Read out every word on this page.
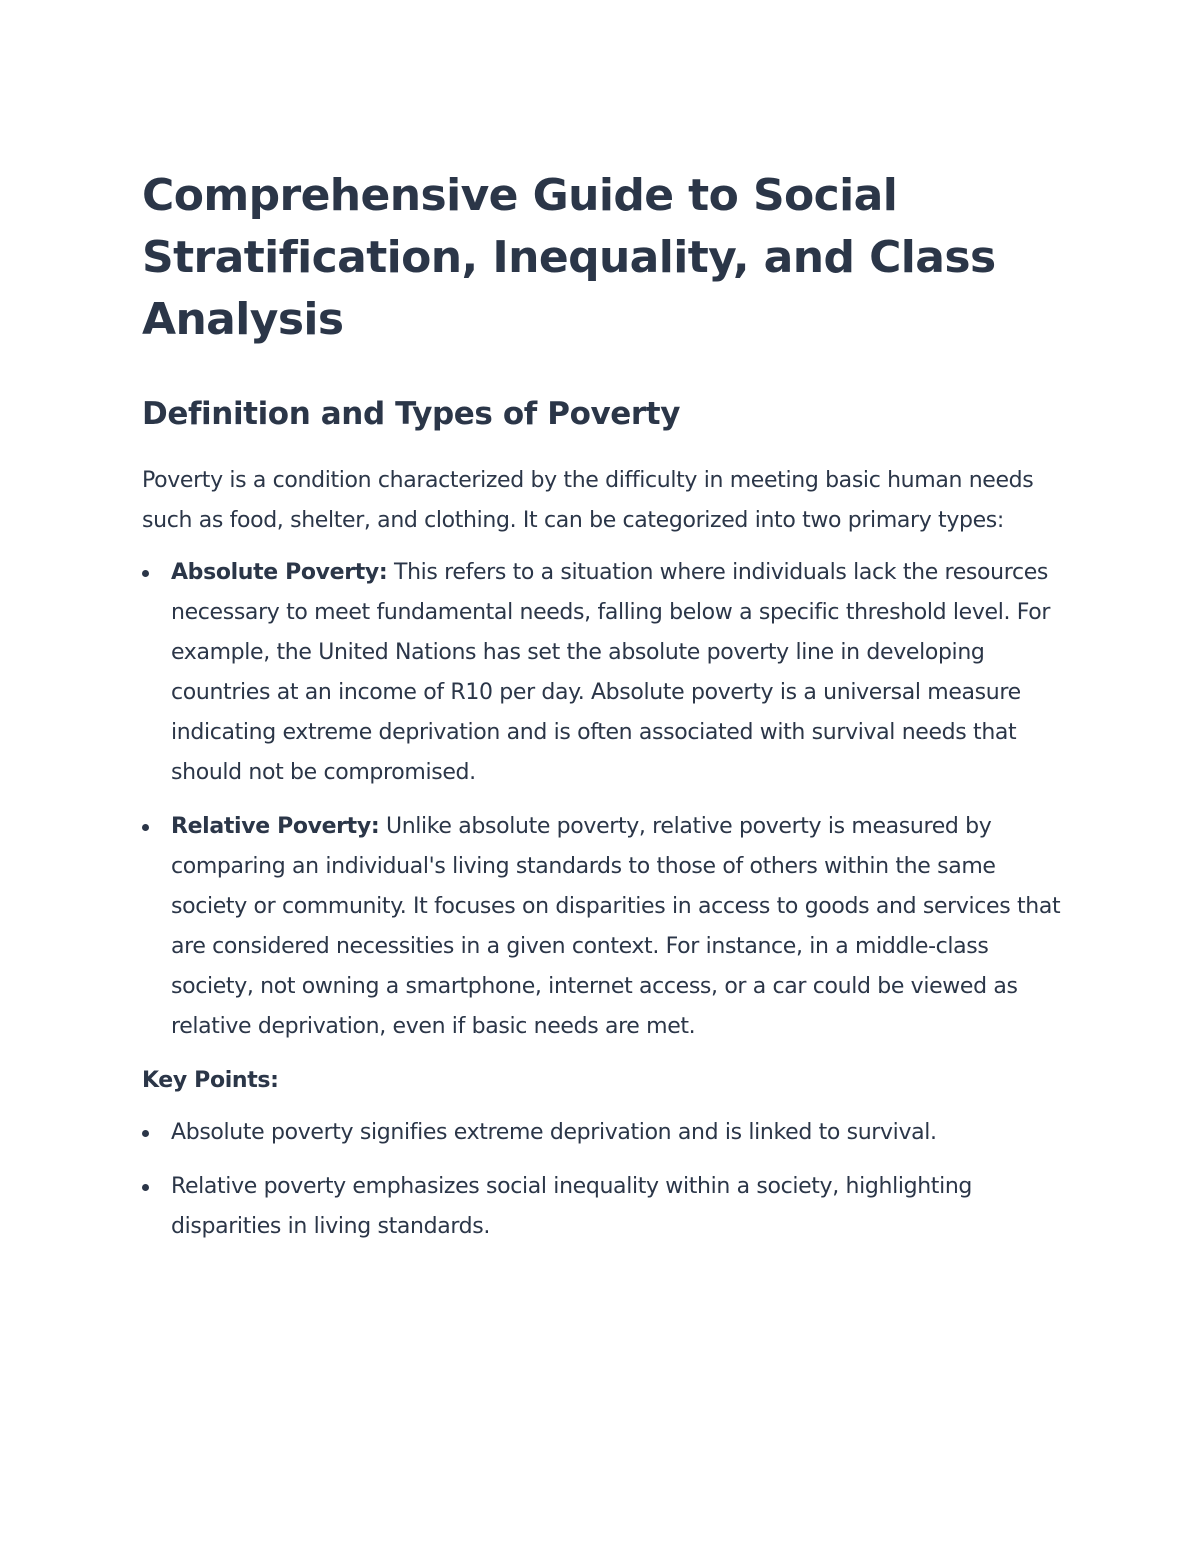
Comprehensive Guide to Social Stratification, Inequality, and Class Analysis
Definition and Types of Poverty

Poverty is a condition characterized by the difficulty in meeting basic human needs such as food, shelter, and clothing. It can be categorized into two primary types:

Absolute Poverty: This refers to a situation where individuals lack the resources necessary to meet fundamental needs, falling below a specific threshold level. For example, the United Nations has set the absolute poverty line in developing countries at an income of R10 per day. Absolute poverty is a universal measure indicating extreme deprivation and is often associated with survival needs that should not be compromised.
Relative Poverty: Unlike absolute poverty, relative poverty is measured by comparing an individual's living standards to those of others within the same society or community. It focuses on disparities in access to goods and services that are considered necessities in a given context. For instance, in a middle-class society, not owning a smartphone, internet access, or a car could be viewed as relative deprivation, even if basic needs are met.

Key Points:

Absolute poverty signifies extreme deprivation and is linked to survival.
Relative poverty emphasizes social inequality within a society, highlighting disparities in living standards.
